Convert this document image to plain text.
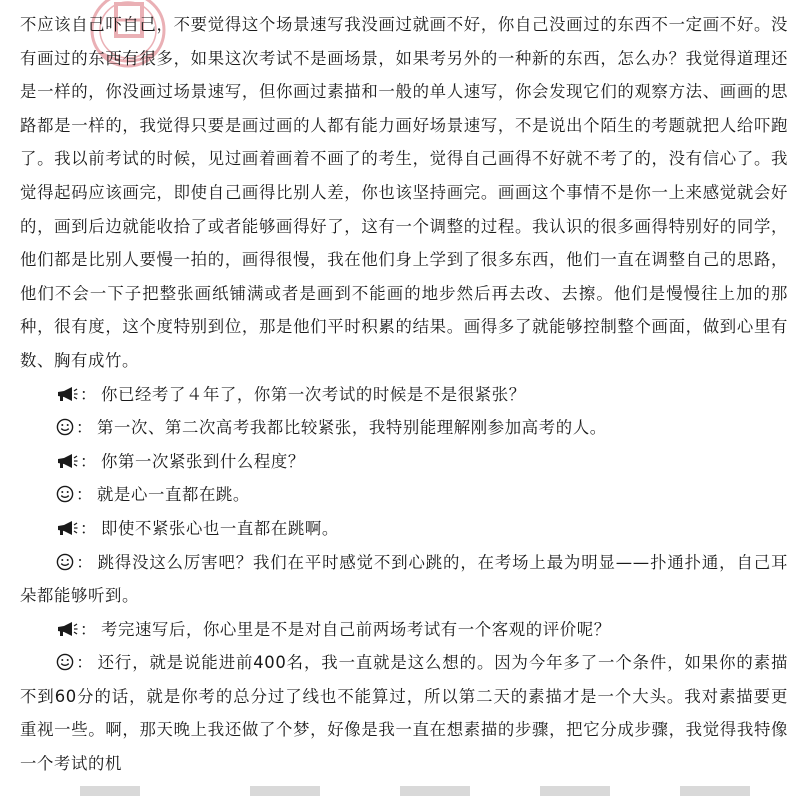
不应该自己吓自己，不要觉得这个场景速写我没画过就画不好，你自己没画过的东西不一定画不好。没有画过的东西有很多，如果这次考试不是画场景，如果考另外的一种新的东西，怎么办？我觉得道理还是一样的，你没画过场景速写，但你画过素描和一般的单人速写，你会发现它们的观察方法、画画的思路都是一样的，我觉得只要是画过画的人都有能力画好场景速写，不是说出个陌生的考题就把人给吓跑了。我以前考试的时候，见过画着画着不画了的考生，觉得自己画得不好就不考了的，没有信心了。我觉得起码应该画完，即使自己画得比别人差，你也该坚持画完。画画这个事情不是你一上来感觉就会好的，画到后边就能收拾了或者能够画得好了，这有一个调整的过程。我认识的很多画得特别好的同学，他们都是比别人要慢一拍的，画得很慢，我在他们身上学到了很多东西，他们一直在调整自己的思路，他们不会一下子把整张画纸铺满或者是画到不能画的地步然后再去改、去擦。他们是慢慢往上加的那种，很有度，这个度特别到位，那是他们平时积累的结果。画得多了就能够控制整个画面，做到心里有数、胸有成竹。

： 你已经考了４年了，你第一次考试的时候是不是很紧张？

： 第一次、第二次高考我都比较紧张，我特别能理解刚参加高考的人。

： 你第一次紧张到什么程度？

： 就是心一直都在跳。

： 即使不紧张心也一直都在跳啊。

： 跳得没这么厉害吧？我们在平时感觉不到心跳的，在考场上最为明显——扑通扑通，自己耳朵都能够听到。

： 考完速写后，你心里是不是对自己前两场考试有一个客观的评价呢？

： 还行，就是说能进前400名，我一直就是这么想的。因为今年多了一个条件，如果你的素描不到60分的话，就是你考的总分过了线也不能算过，所以第二天的素描才是一个大头。我对素描要更重视一些。啊，那天晚上我还做了个梦，好像是我一直在想素描的步骤，把它分成步骤，我觉得我特像一个考试的机
